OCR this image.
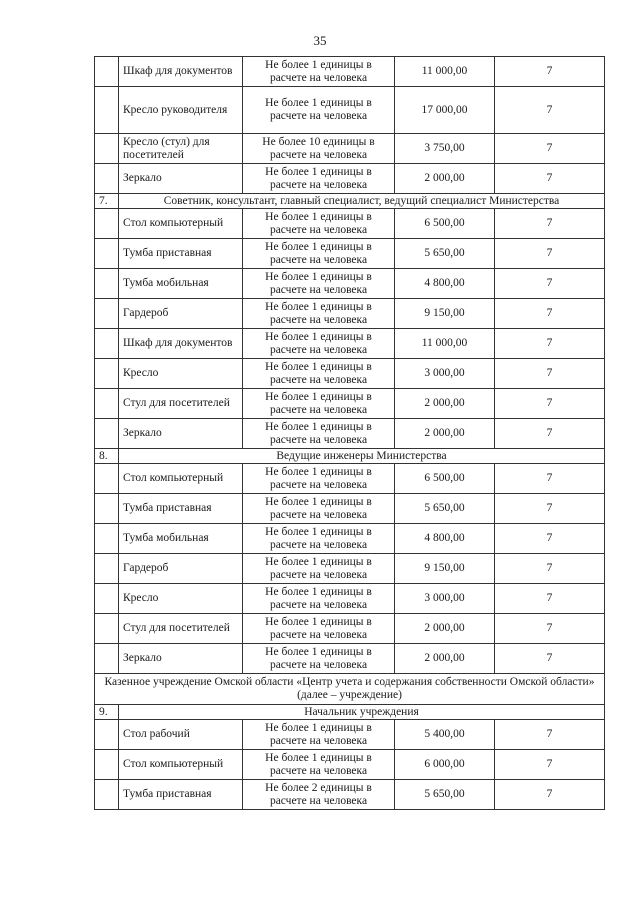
35
	Шкаф для документов	Не более 1 единицы в расчете на человека	11 000,00	7
	Кресло руководителя	Не более 1 единицы в расчете на человека	17 000,00	7
	Кресло (стул) для посетителей	Не более 10 единицы в расчете на человека	3 750,00	7
	Зеркало	Не более 1 единицы в расчете на человека	2 000,00	7
7.	Советник, консультант, главный специалист, ведущий специалист Министерства			
	Стол компьютерный	Не более 1 единицы в расчете на человека	6 500,00	7
	Тумба приставная	Не более 1 единицы в расчете на человека	5 650,00	7
	Тумба мобильная	Не более 1 единицы в расчете на человека	4 800,00	7
	Гардероб	Не более 1 единицы в расчете на человека	9 150,00	7
	Шкаф для документов	Не более 1 единицы в расчете на человека	11 000,00	7
	Кресло	Не более 1 единицы в расчете на человека	3 000,00	7
	Стул для посетителей	Не более 1 единицы в расчете на человека	2 000,00	7
	Зеркало	Не более 1 единицы в расчете на человека	2 000,00	7
8.	Ведущие инженеры Министерства			
	Стол компьютерный	Не более 1 единицы в расчете на человека	6 500,00	7
	Тумба приставная	Не более 1 единицы в расчете на человека	5 650,00	7
	Тумба мобильная	Не более 1 единицы в расчете на человека	4 800,00	7
	Гардероб	Не более 1 единицы в расчете на человека	9 150,00	7
	Кресло	Не более 1 единицы в расчете на человека	3 000,00	7
	Стул для посетителей	Не более 1 единицы в расчете на человека	2 000,00	7
	Зеркало	Не более 1 единицы в расчете на человека	2 000,00	7
Казенное учреждение Омской области «Центр учета и содержания собственности Омской области» (далее – учреждение)				
9.	Начальник учреждения			
	Стол рабочий	Не более 1 единицы в расчете на человека	5 400,00	7
	Стол компьютерный	Не более 1 единицы в расчете на человека	6 000,00	7
	Тумба приставная	Не более 2 единицы в расчете на человека	5 650,00	7
